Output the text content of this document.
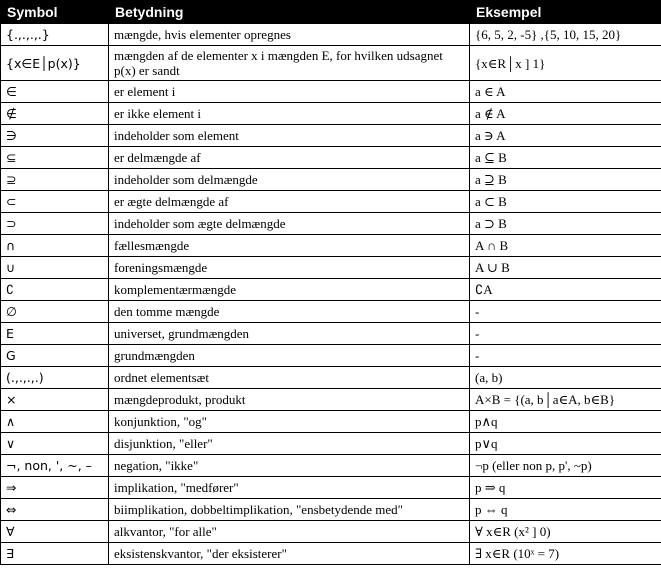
Symbol	Betydning	Eksempel
{.,.,.,.}	mængde, hvis elementer opregnes	{6, 5, 2, -5} ,{5, 10, 15, 20}
{x∈E│p(x)}	mængden af de elementer x i mængden E, for hvilken udsagnet p(x) er sandt	{x∈R│x ] 1}
∈	er element i	a ∈ A
∉	er ikke element i	a ∉ A
∋	indeholder som element	a ∋ A
⊆	er delmængde af	a ⊆ B
⊇	indeholder som delmængde	a ⊇ B
⊂	er ægte delmængde af	a ⊂ B
⊃	indeholder som ægte delmængde	a ⊃ B
∩	fællesmængde	A ∩ B
∪	foreningsmængde	A ∪ B
∁	komplementærmængde	∁A
∅	den tomme mængde	-
E	universet, grundmængden	-
G	grundmængden	-
(.,.,.,.)	ordnet elementsæt	(a, b)
×	mængdeprodukt, produkt	A×B = {(a, b│a∈A, b∈B}
∧	konjunktion, "og"	p∧q
∨	disjunktion, "eller"	p∨q
¬, non, ', ~, –	negation, "ikke"	¬p (eller non p, p', ~p)
⇒	implikation, "medfører"	p ⇒ q
⇔	biimplikation, dobbeltimplikation, "ensbetydende med"	p ⇔ q
∀	alkvantor, "for alle"	∀ x∈R (x² ] 0)
∃	eksistenskvantor, "der eksisterer"	∃ x∈R (10ˣ = 7)
